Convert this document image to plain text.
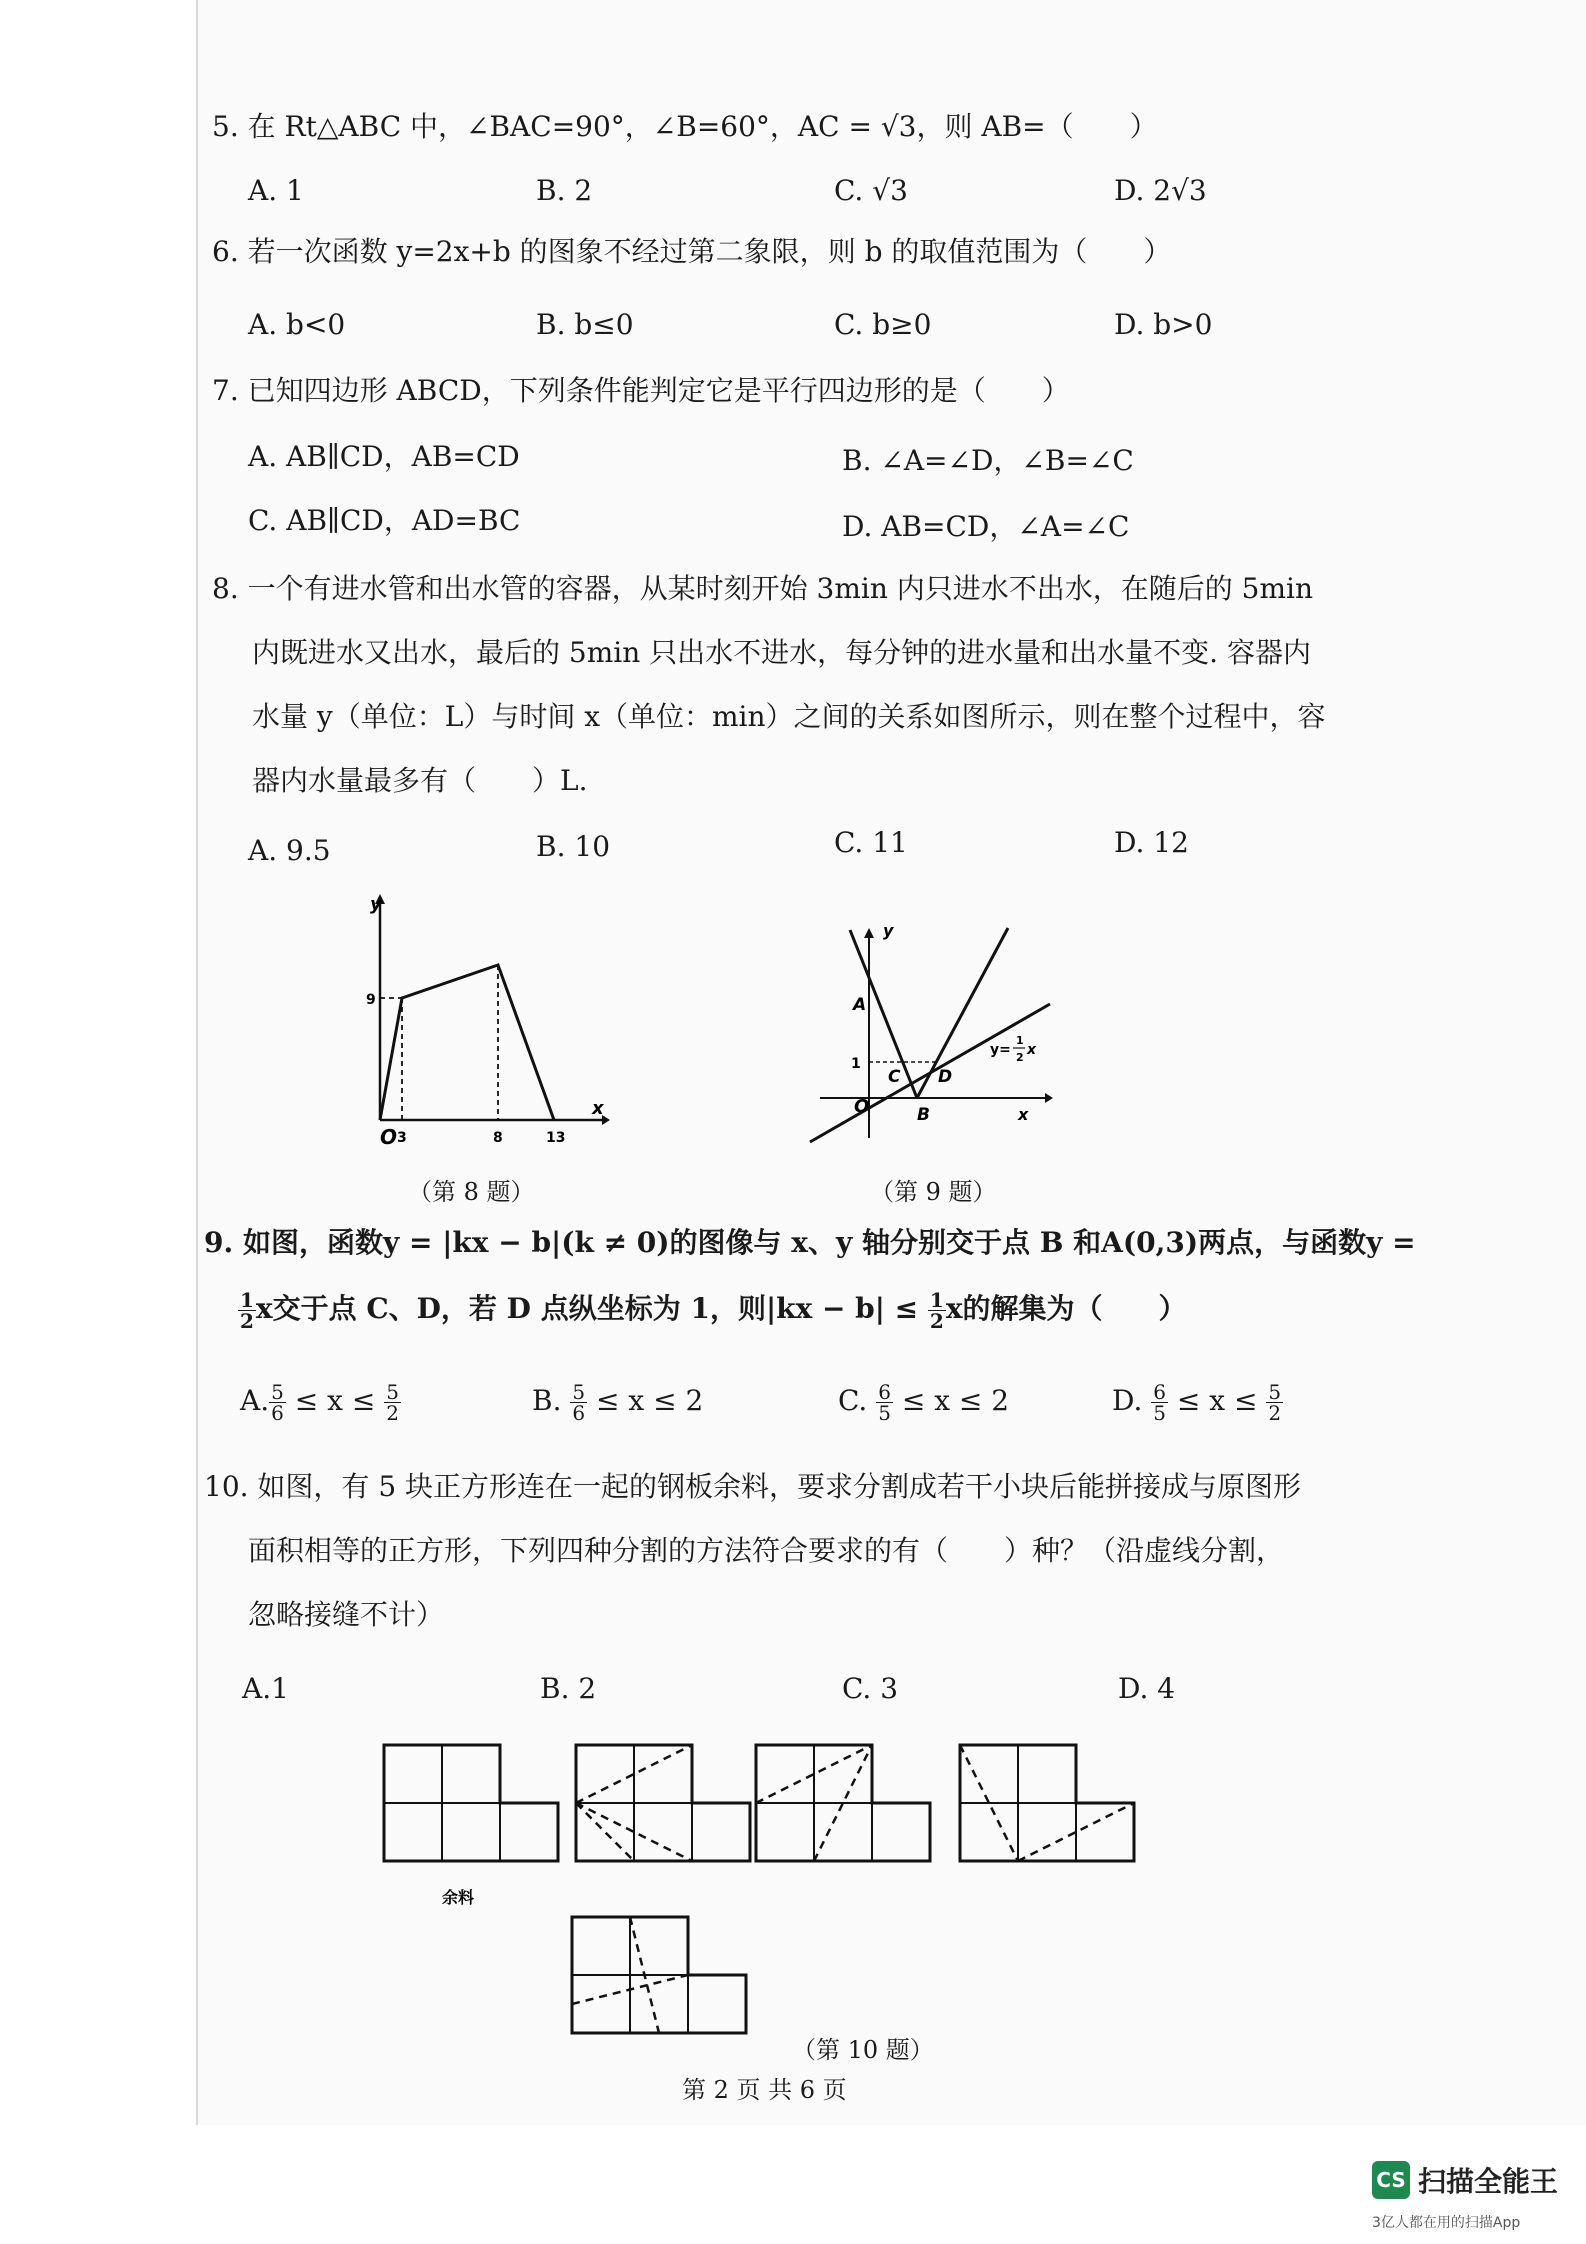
5. 在 Rt△ABC 中，∠BAC=90°，∠B=60°，AC = √3，则 AB=（　　）
A. 1	B. 2	C. √3	D. 2√3
6. 若一次函数 y=2x+b 的图象不经过第二象限，则 b 的取值范围为（　　）
A. b<0	B. b≤0	C. b≥0	D. b>0
7. 已知四边形 ABCD，下列条件能判定它是平行四边形的是（　　）
A. AB∥CD，AB=CD	B. ∠A=∠D，∠B=∠C
C. AB∥CD，AD=BC	D. AB=CD，∠A=∠C
8. 一个有进水管和出水管的容器，从某时刻开始 3min 内只进水不出水，在随后的 5min
内既进水又出水，最后的 5min 只出水不进水，每分钟的进水量和出水量不变. 容器内
水量 y（单位：L）与时间 x（单位：min）之间的关系如图所示，则在整个过程中，容
器内水量最多有（　　）L.
A. 9.5	B. 10	C. 11	D. 12
y
x
O
9
3	8	13
（第 8 题）
y
x
O
1
A
B
C D
y=
1
2 x
（第 9 题）
9. 如图，函数y = |kx − b|(k ≠ 0)的图像与 x、y 轴分别交于点 B 和A(0,3)两点，与函数y =
$\frac{1}{2}$ x交于点 C、D，若 D 点纵坐标为 1，则$|kx - b| \le \frac{1}{2}$ x的解集为（　　）
A. $\frac{5}{6} \le x \le \frac{5}{2}$	B. $\frac{5}{6} \le x \le 2$	C. $\frac{6}{5} \le x \le 2$	D. $\frac{6}{5} \le x \le \frac{5}{2}$
10. 如图，有 5 块正方形连在一起的钢板余料，要求分割成若干小块后能拼接成与原图形
面积相等的正方形，下列四种分割的方法符合要求的有（　　）种？（沿虚线分割，
忽略接缝不计）
A.1	B. 2	C. 3	D. 4
余料
（第 10 题）
第 2 页 共 6 页
CS 扫描全能王
3亿人都在用的扫描App
